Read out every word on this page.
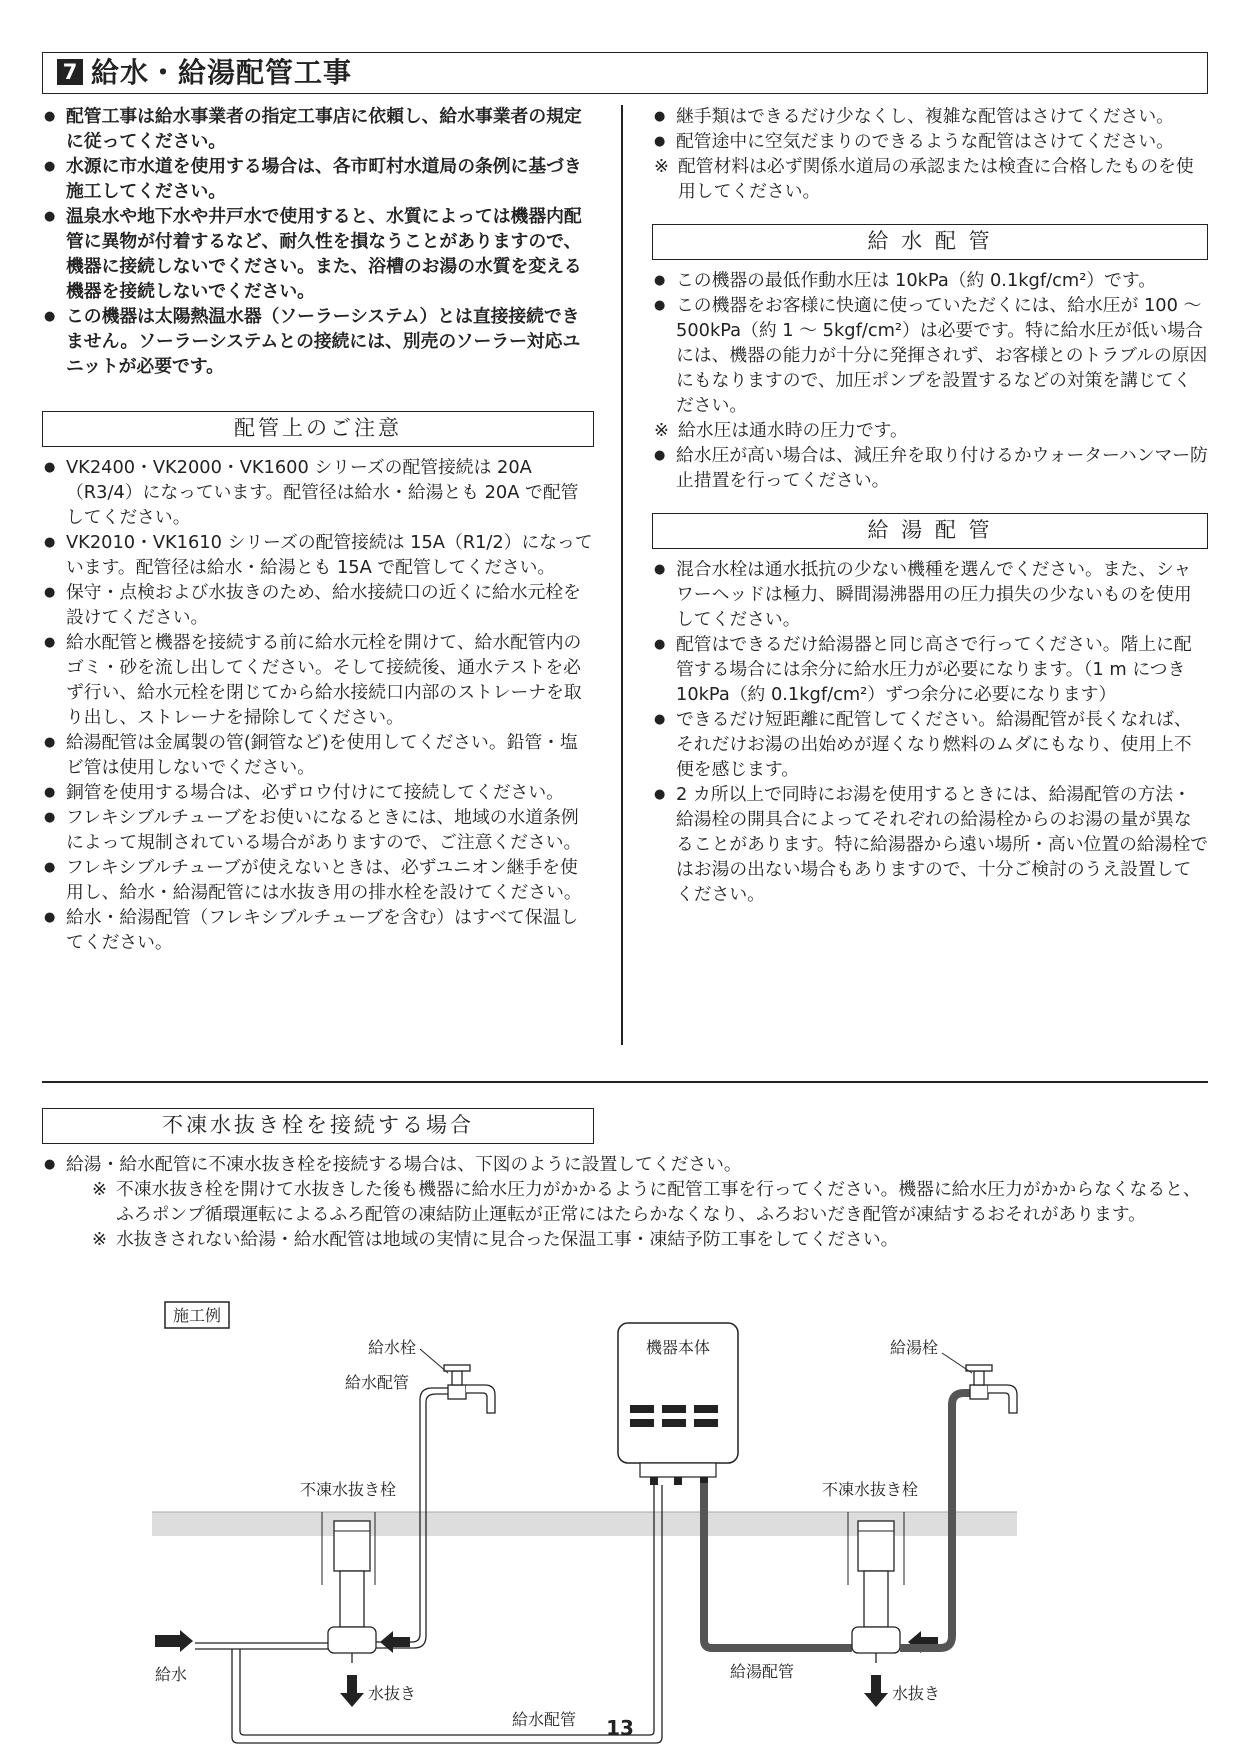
7 給水・給湯配管工事
● 配管工事は給水事業者の指定工事店に依頼し、給水事業者の規定に従ってください。
● 水源に市水道を使用する場合は、各市町村水道局の条例に基づき施工してください。
● 温泉水や地下水や井戸水で使用すると、水質によっては機器内配管に異物が付着するなど、耐久性を損なうことがありますので、機器に接続しないでください。また、浴槽のお湯の水質を変える機器を接続しないでください。
● この機器は太陽熱温水器（ソーラーシステム）とは直接接続できません。ソーラーシステムとの接続には、別売のソーラー対応ユニットが必要です。
配管上のご注意
● VK2400・VK2000・VK1600 シリーズの配管接続は 20A（R3/4）になっています。配管径は給水・給湯とも 20A で配管してください。
● VK2010・VK1610 シリーズの配管接続は 15A（R1/2）になっています。配管径は給水・給湯とも 15A で配管してください。
● 保守・点検および水抜きのため、給水接続口の近くに給水元栓を設けてください。
● 給水配管と機器を接続する前に給水元栓を開けて、給水配管内のゴミ・砂を流し出してください。そして接続後、通水テストを必ず行い、給水元栓を閉じてから給水接続口内部のストレーナを取り出し、ストレーナを掃除してください。
● 給湯配管は金属製の管(銅管など)を使用してください。鉛管・塩ビ管は使用しないでください。
● 銅管を使用する場合は、必ずロウ付けにて接続してください。
● フレキシブルチューブをお使いになるときには、地域の水道条例によって規制されている場合がありますので、ご注意ください。
● フレキシブルチューブが使えないときは、必ずユニオン継手を使用し、給水・給湯配管には水抜き用の排水栓を設けてください。
● 給水・給湯配管（フレキシブルチューブを含む）はすべて保温してください。
● 継手類はできるだけ少なくし、複雑な配管はさけてください。
● 配管途中に空気だまりのできるような配管はさけてください。

※ 配管材料は必ず関係水道局の承認または検査に合格したものを使用してください。

給 水 配 管
● この機器の最低作動水圧は 10kPa（約 0.1kgf/cm²）です。
● この機器をお客様に快適に使っていただくには、給水圧が 100 ～ 500kPa（約 1 ～ 5kgf/cm²）は必要です。特に給水圧が低い場合には、機器の能力が十分に発揮されず、お客様とのトラブルの原因にもなりますので、加圧ポンプを設置するなどの対策を講じてください。

※ 給水圧は通水時の圧力です。

● 給水圧が高い場合は、減圧弁を取り付けるかウォーターハンマー防止措置を行ってください。
給 湯 配 管
● 混合水栓は通水抵抗の少ない機種を選んでください。また、シャワーヘッドは極力、瞬間湯沸器用の圧力損失の少ないものを使用してください。
● 配管はできるだけ給湯器と同じ高さで行ってください。階上に配管する場合には余分に給水圧力が必要になります。（1 m につき 10kPa（約 0.1kgf/cm²）ずつ余分に必要になります）
● できるだけ短距離に配管してください。給湯配管が長くなれば、それだけお湯の出始めが遅くなり燃料のムダにもなり、使用上不便を感じます。
● 2 カ所以上で同時にお湯を使用するときには、給湯配管の方法・給湯栓の開具合によってそれぞれの給湯栓からのお湯の量が異なることがあります。特に給湯器から遠い場所・高い位置の給湯栓ではお湯の出ない場合もありますので、十分ご検討のうえ設置してください。
不凍水抜き栓を接続する場合
● 給湯・給水配管に不凍水抜き栓を接続する場合は、下図のように設置してください。

※ 不凍水抜き栓を開けて水抜きした後も機器に給水圧力がかかるように配管工事を行ってください。機器に給水圧力がかからなくなると、ふろポンプ循環運転によるふろ配管の凍結防止運転が正常にはたらかなくなり、ふろおいだき配管が凍結するおそれがあります。

※ 水抜きされない給湯・給水配管は地域の実情に見合った保温工事・凍結予防工事をしてください。

施工例
給水
不凍水抜き栓
水抜き
給水配管
給水栓
給水配管
機器本体
給湯配管
不凍水抜き栓
水抜き
給湯栓
13
